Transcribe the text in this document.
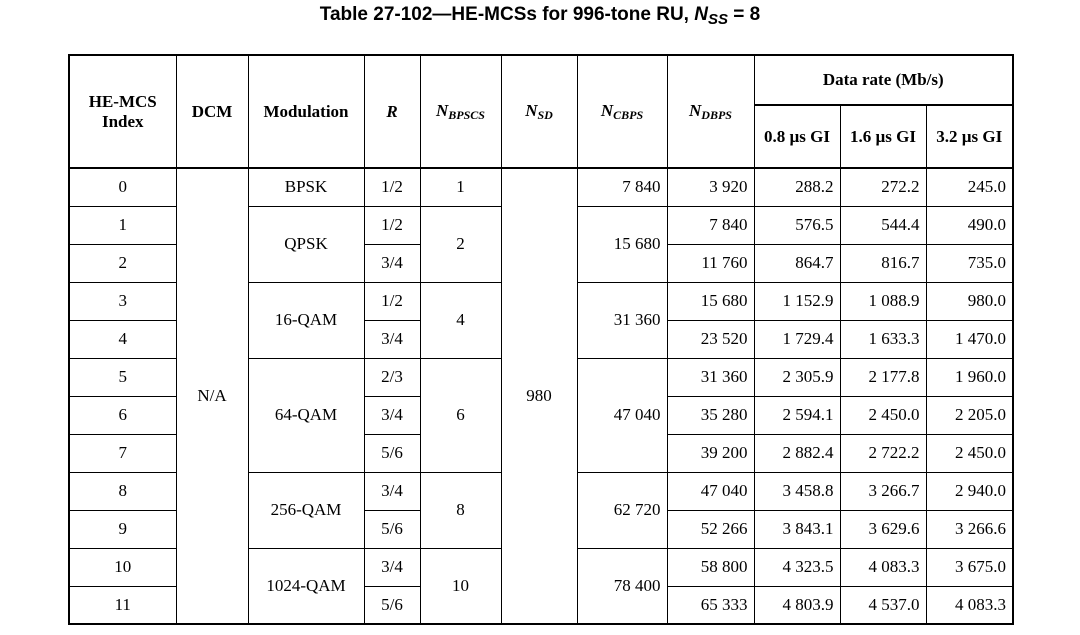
Table 27-102—HE-MCSs for 996-tone RU, $N_{SS} = 8$
HE-MCS Index	DCM	Modulation	R	$N_{BPSCS}$	$N_{SD}$	$N_{CBPS}$	$N_{DBPS}$	Data rate (Mb/s)		
								0.8 µs GI	1.6 µs GI	3.2 µs GI
0	N/A	BPSK	1/2	1	980	7 840	3 920	288.2	272.2	245.0
1		QPSK	1/2	2		15 680	7 840	576.5	544.4	490.0
2			3/4				11 760	864.7	816.7	735.0
3		16-QAM	1/2	4		31 360	15 680	1 152.9	1 088.9	980.0
4			3/4				23 520	1 729.4	1 633.3	1 470.0
5		64-QAM	2/3	6		47 040	31 360	2 305.9	2 177.8	1 960.0
6			3/4				35 280	2 594.1	2 450.0	2 205.0
7			5/6				39 200	2 882.4	2 722.2	2 450.0
8		256-QAM	3/4	8		62 720	47 040	3 458.8	3 266.7	2 940.0
9			5/6				52 266	3 843.1	3 629.6	3 266.6
10		1024-QAM	3/4	10		78 400	58 800	4 323.5	4 083.3	3 675.0
11			5/6				65 333	4 803.9	4 537.0	4 083.3
